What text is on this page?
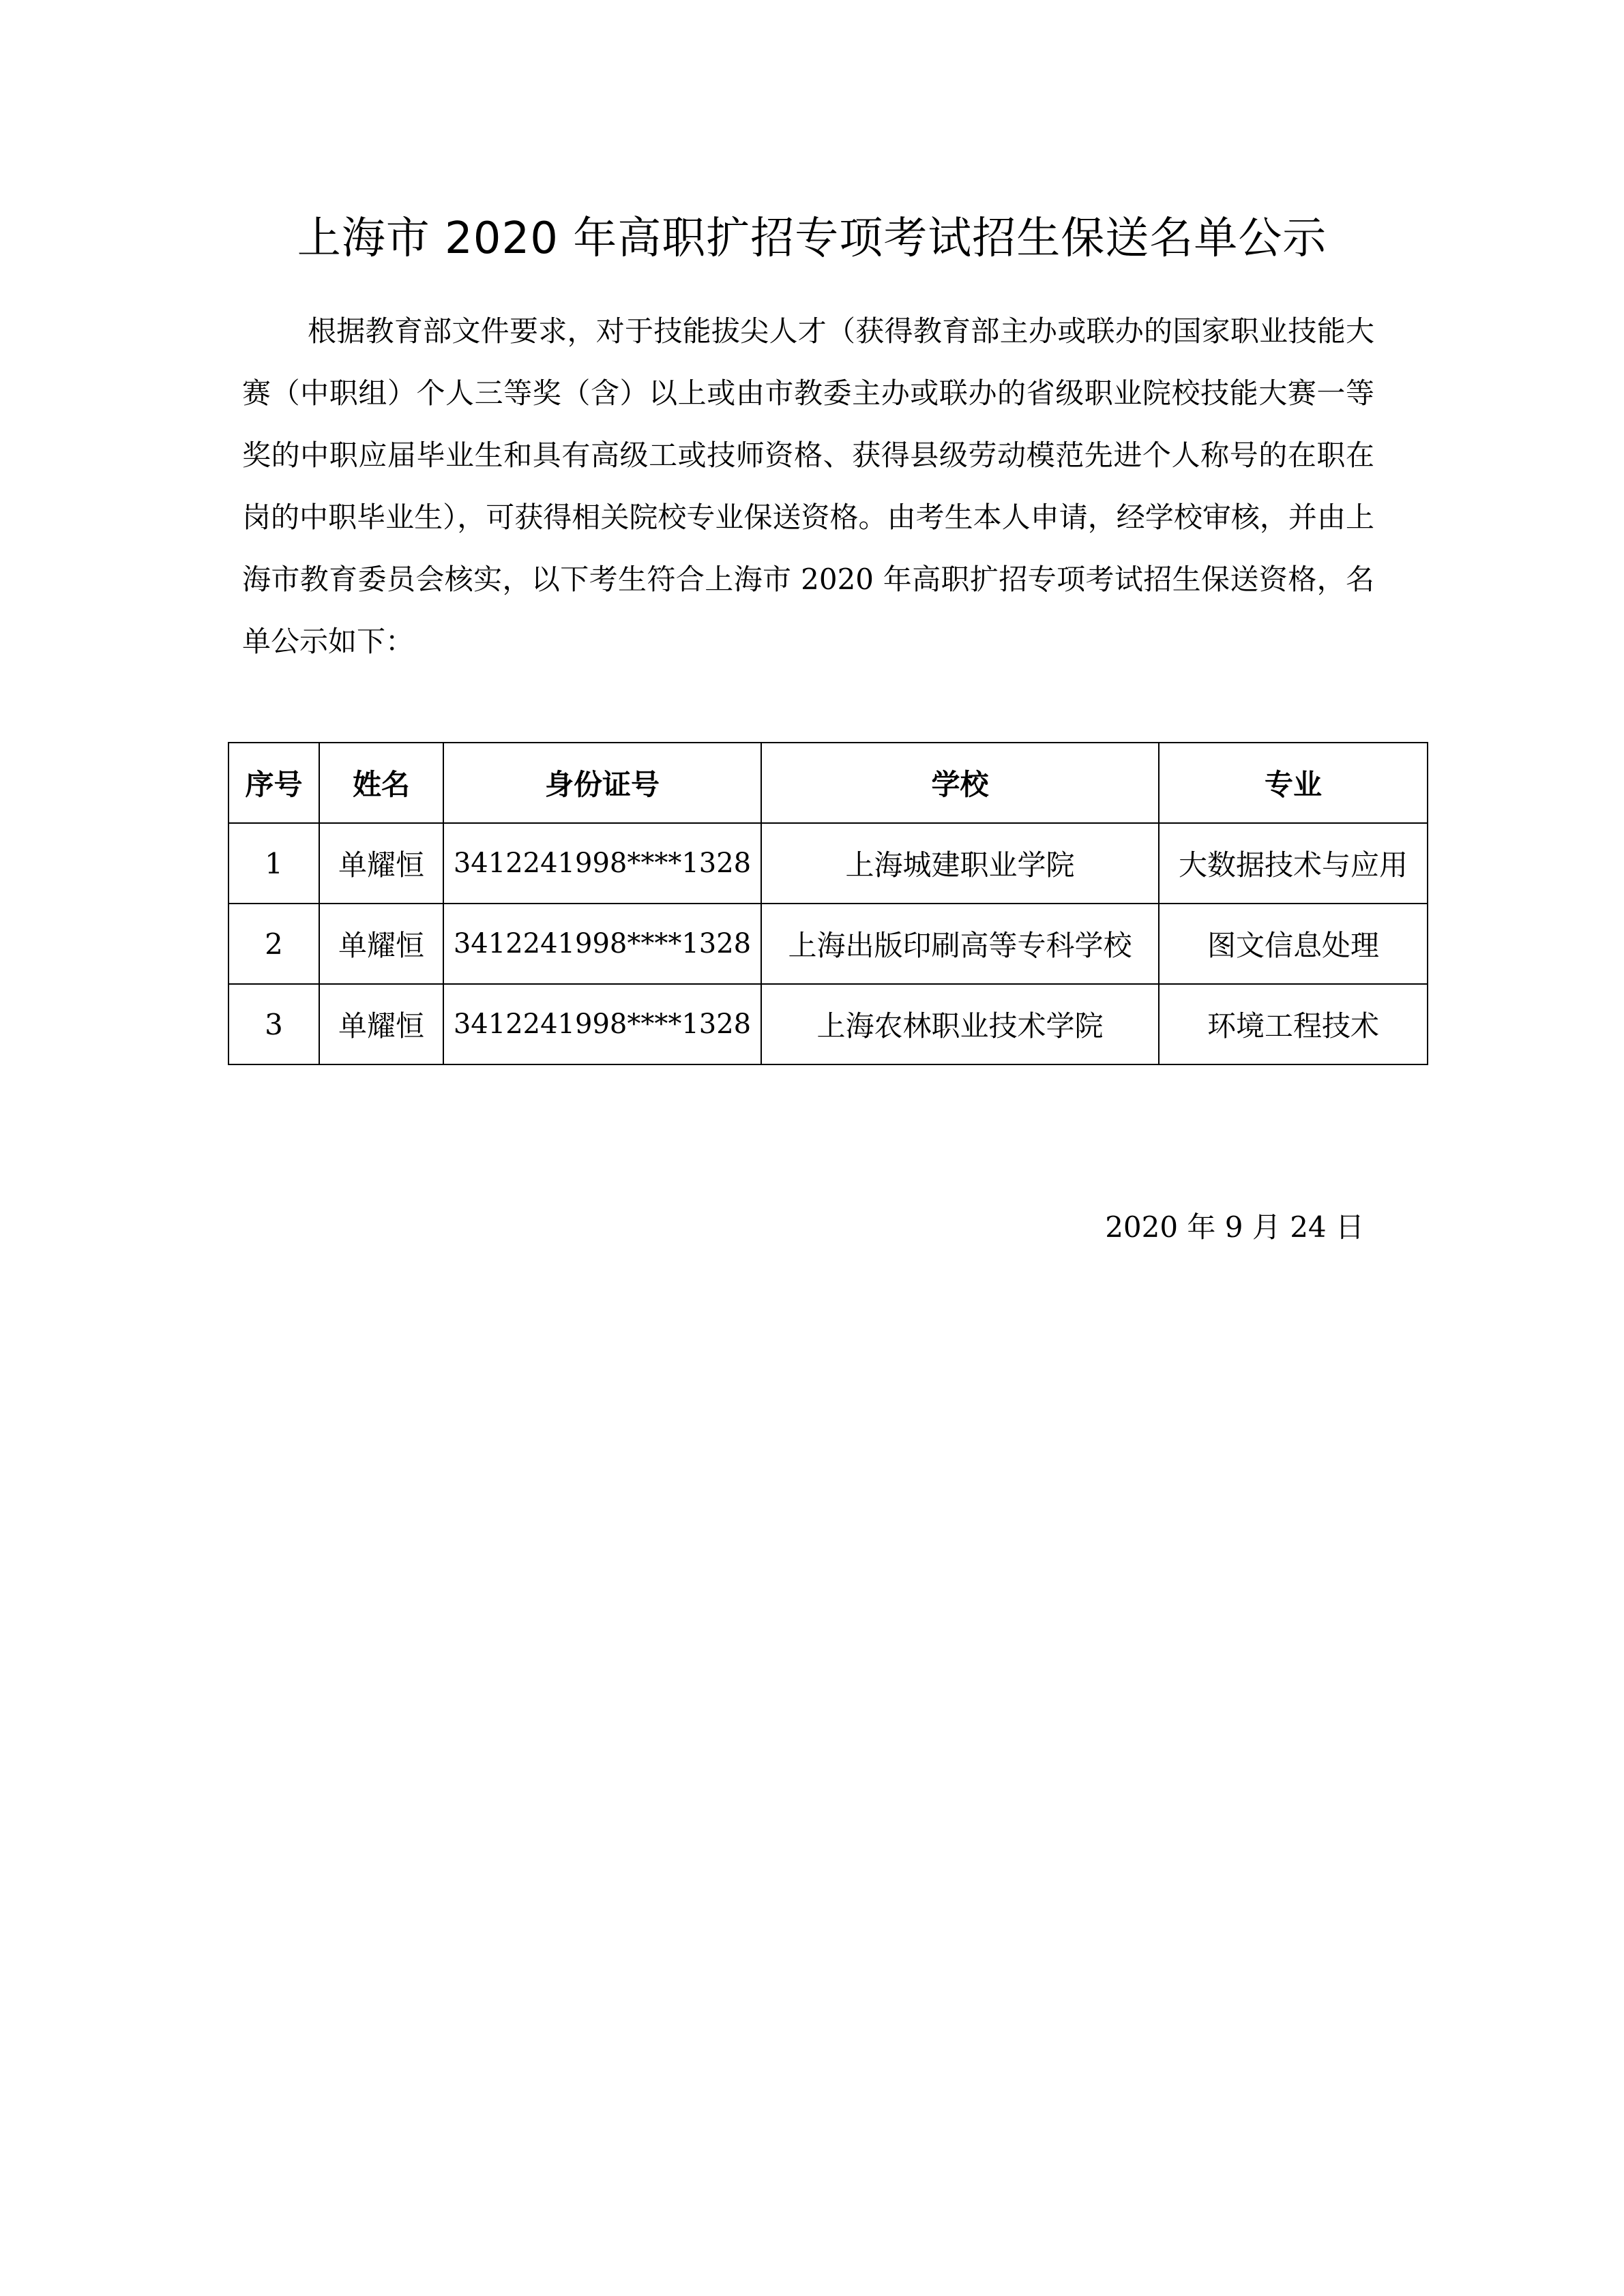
上海市 2020 年高职扩招专项考试招生保送名单公示

根据教育部文件要求，对于技能拔尖人才（获得教育部主办或联办的国家职业技能大赛（中职组）个人三等奖（含）以上或由市教委主办或联办的省级职业院校技能大赛一等奖的中职应届毕业生和具有高级工或技师资格、获得县级劳动模范先进个人称号的在职在岗的中职毕业生），可获得相关院校专业保送资格。由考生本人申请，经学校审核，并由上海市教育委员会核实，以下考生符合上海市 2020 年高职扩招专项考试招生保送资格，名单公示如下：

序号	姓名	身份证号	学校	专业
1	单耀恒	3412241998****1328	上海城建职业学院	大数据技术与应用
2	单耀恒	3412241998****1328	上海出版印刷高等专科学校	图文信息处理
3	单耀恒	3412241998****1328	上海农林职业技术学院	环境工程技术
2020 年 9 月 24 日
